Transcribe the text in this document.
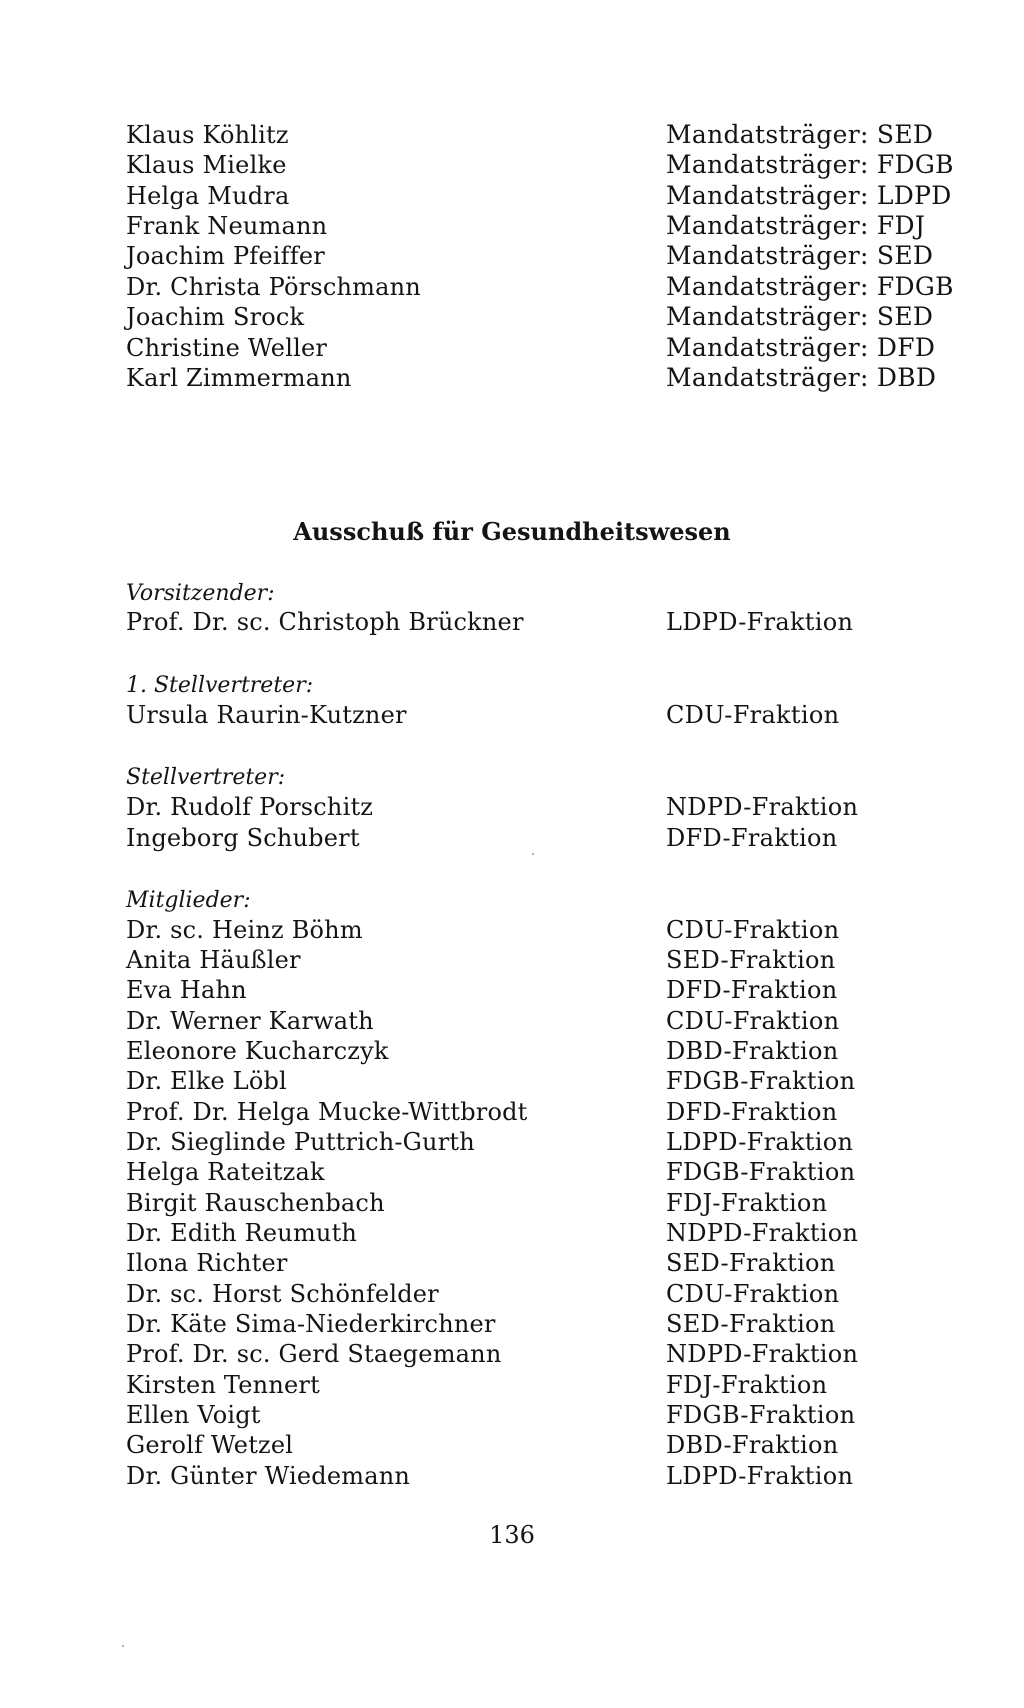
Klaus Köhlitz	Mandatsträger: SED
Klaus Mielke	Mandatsträger: FDGB
Helga Mudra	Mandatsträger: LDPD
Frank Neumann	Mandatsträger: FDJ
Joachim Pfeiffer	Mandatsträger: SED
Dr. Christa Pörschmann	Mandatsträger: FDGB
Joachim Srock	Mandatsträger: SED
Christine Weller	Mandatsträger: DFD
Karl Zimmermann	Mandatsträger: DBD
Ausschuß für Gesundheitswesen
Vorsitzender:
Prof. Dr. sc. Christoph Brückner	LDPD-Fraktion
1. Stellvertreter:
Ursula Raurin-Kutzner	CDU-Fraktion
Stellvertreter:
Dr. Rudolf Porschitz	NDPD-Fraktion
Ingeborg Schubert	DFD-Fraktion
Mitglieder:
Dr. sc. Heinz Böhm	CDU-Fraktion
Anita Häußler	SED-Fraktion
Eva Hahn	DFD-Fraktion
Dr. Werner Karwath	CDU-Fraktion
Eleonore Kucharczyk	DBD-Fraktion
Dr. Elke Löbl	FDGB-Fraktion
Prof. Dr. Helga Mucke-Wittbrodt	DFD-Fraktion
Dr. Sieglinde Puttrich-Gurth	LDPD-Fraktion
Helga Rateitzak	FDGB-Fraktion
Birgit Rauschenbach	FDJ-Fraktion
Dr. Edith Reumuth	NDPD-Fraktion
Ilona Richter	SED-Fraktion
Dr. sc. Horst Schönfelder	CDU-Fraktion
Dr. Käte Sima-Niederkirchner	SED-Fraktion
Prof. Dr. sc. Gerd Staegemann	NDPD-Fraktion
Kirsten Tennert	FDJ-Fraktion
Ellen Voigt	FDGB-Fraktion
Gerolf Wetzel	DBD-Fraktion
Dr. Günter Wiedemann	LDPD-Fraktion
136
